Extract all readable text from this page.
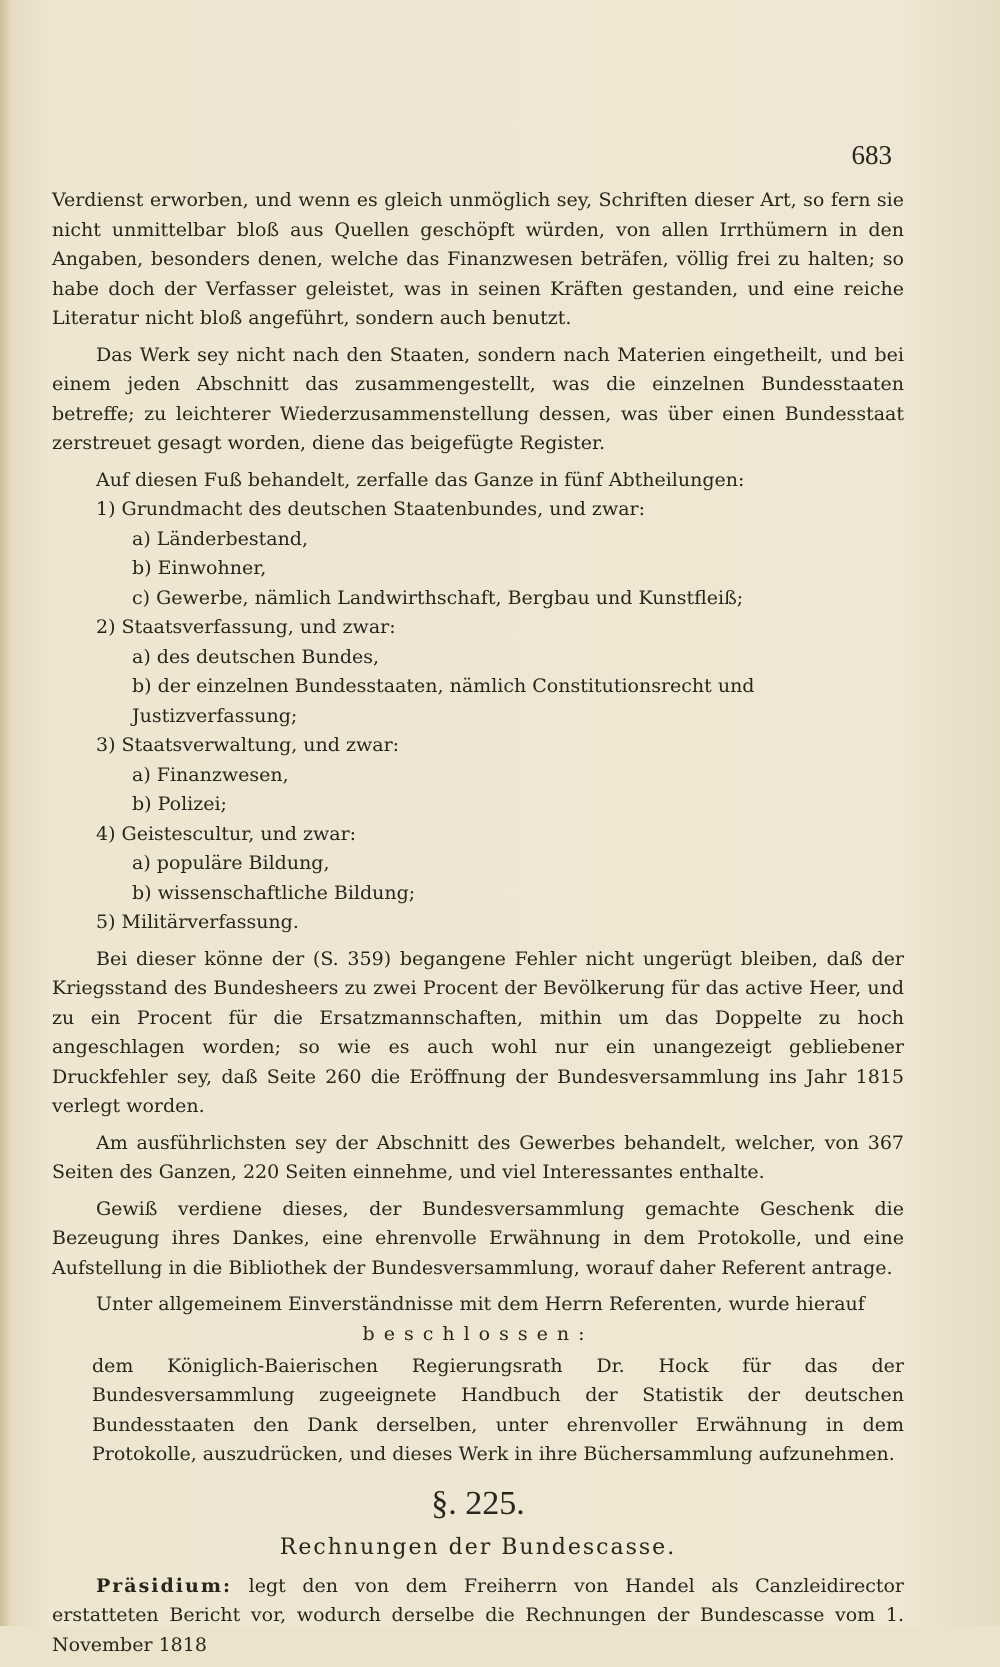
683

Verdienst erworben, und wenn es gleich unmöglich sey, Schriften dieser Art, so fern sie nicht unmittelbar bloß aus Quellen geschöpft würden, von allen Irrthümern in den Angaben, besonders denen, welche das Finanzwesen beträfen, völlig frei zu halten; so habe doch der Verfasser geleistet, was in seinen Kräften gestanden, und eine reiche Literatur nicht bloß angeführt, sondern auch benutzt.

Das Werk sey nicht nach den Staaten, sondern nach Materien eingetheilt, und bei einem jeden Abschnitt das zusammengestellt, was die einzelnen Bundesstaaten betreffe; zu leichterer Wiederzusammenstellung dessen, was über einen Bundesstaat zerstreuet gesagt worden, diene das beigefügte Register.

Auf diesen Fuß behandelt, zerfalle das Ganze in fünf Abtheilungen:

1) Grundmacht des deutschen Staatenbundes, und zwar:
a) Länderbestand,
b) Einwohner,
c) Gewerbe, nämlich Landwirthschaft, Bergbau und Kunstfleiß;
2) Staatsverfassung, und zwar:
a) des deutschen Bundes,
b) der einzelnen Bundesstaaten, nämlich Constitutionsrecht und Justizverfassung;
3) Staatsverwaltung, und zwar:
a) Finanzwesen,
b) Polizei;
4) Geistescultur, und zwar:
a) populäre Bildung,
b) wissenschaftliche Bildung;
5) Militärverfassung.

Bei dieser könne der (S. 359) begangene Fehler nicht ungerügt bleiben, daß der Kriegsstand des Bundesheers zu zwei Procent der Bevölkerung für das active Heer, und zu ein Procent für die Ersatzmannschaften, mithin um das Doppelte zu hoch angeschlagen worden; so wie es auch wohl nur ein unangezeigt gebliebener Druckfehler sey, daß Seite 260 die Eröffnung der Bundesversammlung ins Jahr 1815 verlegt worden.

Am ausführlichsten sey der Abschnitt des Gewerbes behandelt, welcher, von 367 Seiten des Ganzen, 220 Seiten einnehme, und viel Interessantes enthalte.

Gewiß verdiene dieses, der Bundesversammlung gemachte Geschenk die Bezeugung ihres Dankes, eine ehrenvolle Erwähnung in dem Protokolle, und eine Aufstellung in die Bibliothek der Bundesversammlung, worauf daher Referent antrage.

Unter allgemeinem Einverständnisse mit dem Herrn Referenten, wurde hierauf

beschlossen:

dem Königlich-Baierischen Regierungsrath Dr. Hock für das der Bundesversammlung zugeeignete Handbuch der Statistik der deutschen Bundesstaaten den Dank derselben, unter ehrenvoller Erwähnung in dem Protokolle, auszudrücken, und dieses Werk in ihre Büchersammlung aufzunehmen.

§. 225.
Rechnungen der Bundescasse.

Präsidium: legt den von dem Freiherrn von Handel als Canzleidirector erstatteten Bericht vor, wodurch derselbe die Rechnungen der Bundescasse vom 1. November 1818
